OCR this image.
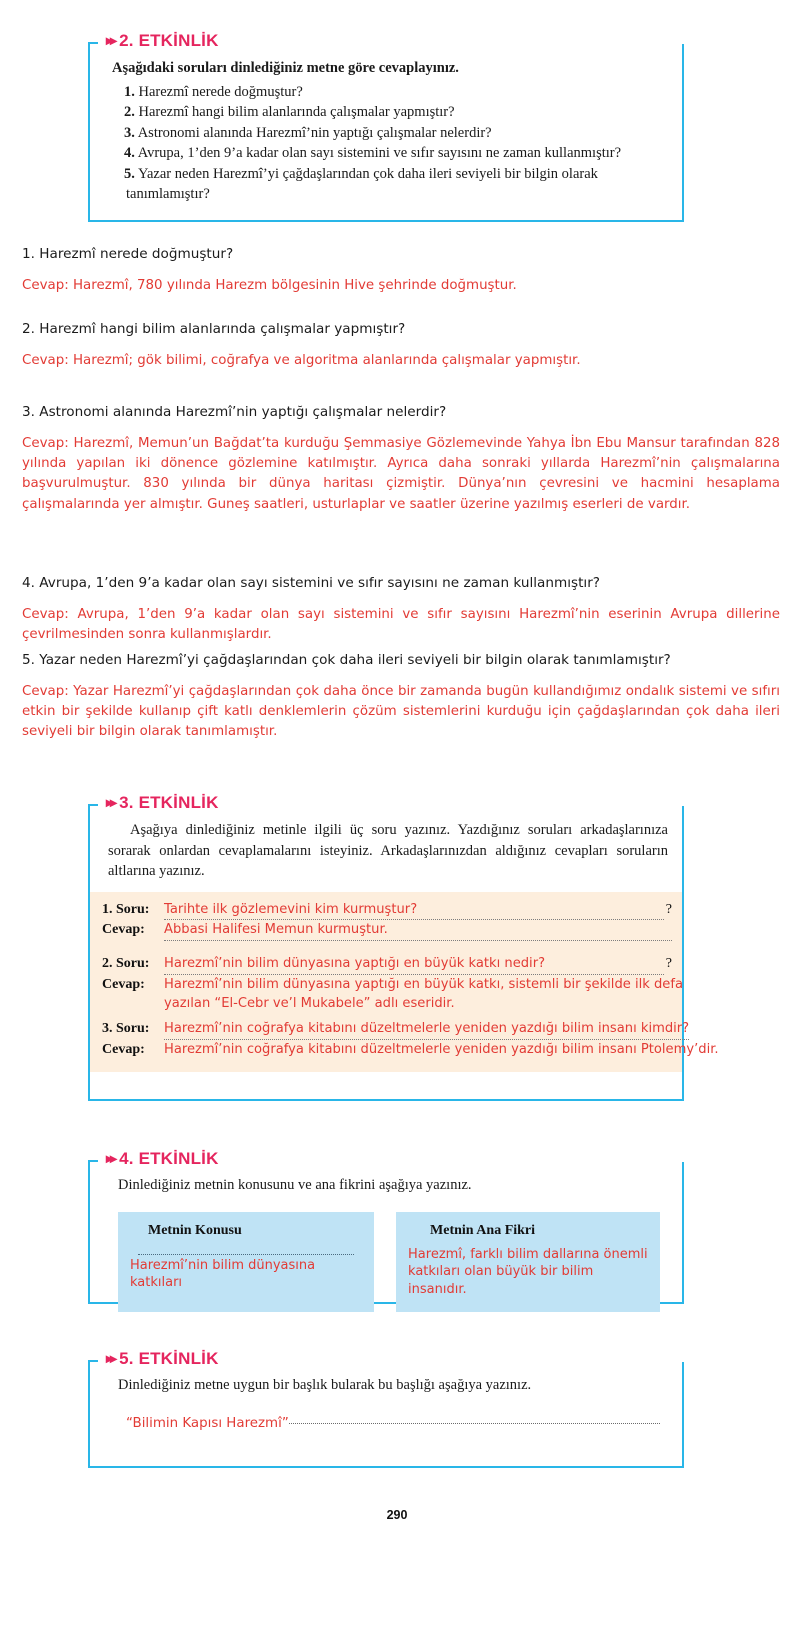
▸▸ 2. ETKİNLİK
Aşağıdaki soruları dinlediğiniz metne göre cevaplayınız.
1. Harezmî nerede doğmuştur?
2. Harezmî hangi bilim alanlarında çalışmalar yapmıştır?
3. Astronomi alanında Harezmî’nin yaptığı çalışmalar nelerdir?
4. Avrupa, 1’den 9’a kadar olan sayı sistemini ve sıfır sayısını ne zaman kullanmıştır?
5. Yazar neden Harezmî’yi çağdaşlarından çok daha ileri seviyeli bir bilgin olarak tanımlamıştır?
1. Harezmî nerede doğmuştur?
Cevap: Harezmî, 780 yılında Harezm bölgesinin Hive şehrinde doğmuştur.
2. Harezmî hangi bilim alanlarında çalışmalar yapmıştır?
Cevap: Harezmî; gök bilimi, coğrafya ve algoritma alanlarında çalışmalar yapmıştır.
3. Astronomi alanında Harezmî’nin yaptığı çalışmalar nelerdir?
Cevap: Harezmî, Memun’un Bağdat’ta kurduğu Şemmasiye Gözlemevinde Yahya İbn Ebu Mansur tarafından 828 yılında yapılan iki dönence gözlemine katılmıştır. Ayrıca daha sonraki yıllarda Harezmî’nin çalışmalarına başvurulmuştur. 830 yılında bir dünya haritası çizmiştir. Dünya’nın çevresini ve hacmini hesaplama çalışmalarında yer almıştır. Guneş saatleri, usturlaplar ve saatler üzerine yazılmış eserleri de vardır.
4. Avrupa, 1’den 9’a kadar olan sayı sistemini ve sıfır sayısını ne zaman kullanmıştır?
Cevap: Avrupa, 1’den 9’a kadar olan sayı sistemini ve sıfır sayısını Harezmî’nin eserinin Avrupa dillerine çevrilmesinden sonra kullanmışlardır.
5. Yazar neden Harezmî’yi çağdaşlarından çok daha ileri seviyeli bir bilgin olarak tanımlamıştır?
Cevap: Yazar Harezmî’yi çağdaşlarından çok daha önce bir zamanda bugün kullandığımız ondalık sistemi ve sıfırı etkin bir şekilde kullanıp çift katlı denklemlerin çözüm sistemlerini kurduğu için çağdaşlarından çok daha ileri seviyeli bir bilgin olarak tanımlamıştır.
▸▸ 3. ETKİNLİK
Aşağıya dinlediğiniz metinle ilgili üç soru yazınız. Yazdığınız soruları arkadaşlarınıza sorarak onlardan cevaplamalarını isteyiniz. Arkadaşlarınızdan aldığınız cevapları soruların altlarına yazınız.
1. Soru:	Tarihte ilk gözlemevini kim kurmuştur?	?
Cevap:	Abbasi Halifesi Memun kurmuştur.
2. Soru:	Harezmî’nin bilim dünyasına yaptığı en büyük katkı nedir?	?
Cevap:	Harezmî’nin bilim dünyasına yaptığı en büyük katkı, sistemli bir şekilde ilk defa
yazılan “El-Cebr ve’l Mukabele” adlı eseridir.
3. Soru:	Harezmî’nin coğrafya kitabını düzeltmelerle yeniden yazdığı bilim insanı kimdir?
Cevap:	Harezmî’nin coğrafya kitabını düzeltmelerle yeniden yazdığı bilim insanı Ptolemy’dir.
▸▸ 4. ETKİNLİK
Dinlediğiniz metnin konusunu ve ana fikrini aşağıya yazınız.
Metnin Konusu
Harezmî’nin bilim dünyasına katkıları
Metnin Ana Fikri
Harezmî, farklı bilim dallarına önemli
katkıları olan büyük bir bilim insanıdır.
▸▸ 5. ETKİNLİK
Dinlediğiniz metne uygun bir başlık bularak bu başlığı aşağıya yazınız.
“Bilimin Kapısı Harezmî”
290
